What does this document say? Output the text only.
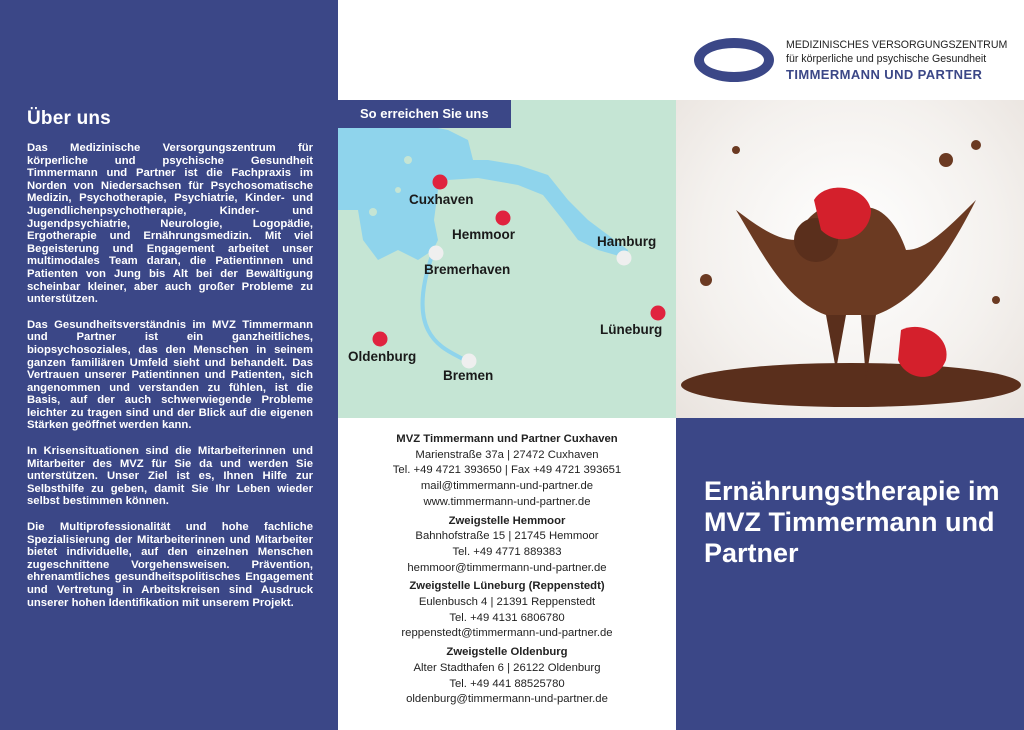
Über uns

Das Medizinische Versorgungszentrum für körperliche und psychische Gesundheit Timmermann und Partner ist die Fachpraxis im Norden von Niedersachsen für Psychosomatische Medizin, Psychotherapie, Psychiatrie, Kinder- und Jugendlichenpsychotherapie, Kinder- und Jugendpsychiatrie, Neurologie, Logopädie, Ergotherapie und Ernährungsmedizin. Mit viel Begeisterung und Engagement arbeitet unser multimodales Team daran, die Patientinnen und Patienten von Jung bis Alt bei der Bewältigung scheinbar kleiner, aber auch großer Probleme zu unterstützen.

Das Gesundheitsverständnis im MVZ Timmermann und Partner ist ein ganzheitliches, biopsychosoziales, das den Menschen in seinem ganzen familiären Umfeld sieht und behandelt. Das Vertrauen unserer Patientinnen und Patienten, sich angenommen und verstanden zu fühlen, ist die Basis, auf der auch schwerwiegende Probleme leichter zu tragen sind und der Blick auf die eigenen Stärken geöffnet werden kann.

In Krisensituationen sind die Mitarbeiterinnen und Mitarbeiter des MVZ für Sie da und werden Sie unterstützen. Unser Ziel ist es, Ihnen Hilfe zur Selbsthilfe zu geben, damit Sie Ihr Leben wieder selbst bestimmen können.

Die Multiprofessionalität und hohe fachliche Spezialisierung der Mitarbeiterinnen und Mitarbeiter bietet individuelle, auf den einzelnen Menschen zugeschnittene Vorgehensweisen. Prävention, ehrenamtliches gesundheitspolitisches Engagement und Vertretung in Arbeitskreisen sind Ausdruck unserer hohen Identifikation mit unserem Projekt.

MEDIZINISCHES VERSORGUNGSZENTRUM
für körperliche und psychische Gesundheit
TIMMERMANN UND PARTNER
So erreichen Sie uns
Cuxhaven
Hemmoor
Bremerhaven
Hamburg
Lüneburg
Oldenburg
Bremen
MVZ Timmermann und Partner Cuxhaven
Marienstraße 37a | 27472 Cuxhaven
Tel. +49 4721 393650 | Fax +49 4721 393651
mail@timmermann-und-partner.de
www.timmermann-und-partner.de
Zweigstelle Hemmoor
Bahnhofstraße 15 | 21745 Hemmoor
Tel. +49 4771 889383
hemmoor@timmermann-und-partner.de
Zweigstelle Lüneburg (Reppenstedt)
Eulenbusch 4 | 21391 Reppenstedt
Tel. +49 4131 6806780
reppenstedt@timmermann-und-partner.de
Zweigstelle Oldenburg
Alter Stadthafen 6 | 26122 Oldenburg
Tel. +49 441 88525780
oldenburg@timmermann-und-partner.de
Ernährungstherapie im MVZ Timmermann und Partner
